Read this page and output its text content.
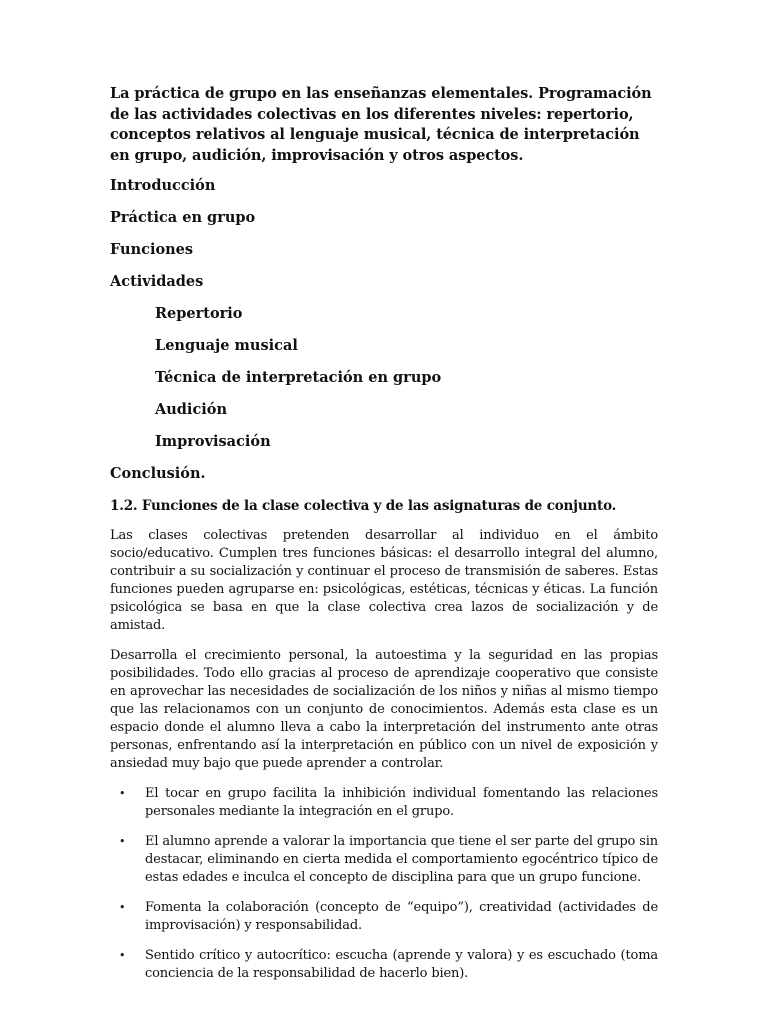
La práctica de grupo en las enseñanzas elementales. Programación de las actividades colectivas en los diferentes niveles: repertorio, conceptos relativos al lenguaje musical, técnica de interpretación en grupo, audición, improvisación y otros aspectos.

Introducción

Práctica en grupo

Funciones

Actividades

Repertorio

Lenguaje musical

Técnica de interpretación en grupo

Audición

Improvisación

Conclusión.

1.2. Funciones de la clase colectiva y de las asignaturas de conjunto.

Las clases colectivas pretenden desarrollar al individuo en el ámbito socio/educativo. Cumplen tres funciones básicas: el desarrollo integral del alumno, contribuir a su socialización y continuar el proceso de transmisión de saberes. Estas funciones pueden agruparse en: psicológicas, estéticas, técnicas y éticas. La función psicológica se basa en que la clase colectiva crea lazos de socialización y de amistad.

Desarrolla el crecimiento personal, la autoestima y la seguridad en las propias posibilidades. Todo ello gracias al proceso de aprendizaje cooperativo que consiste en aprovechar las necesidades de socialización de los niños y niñas al mismo tiempo que las relacionamos con un conjunto de conocimientos. Además esta clase es un espacio donde el alumno lleva a cabo la interpretación del instrumento ante otras personas, enfrentando así la interpretación en público con un nivel de exposición y ansiedad muy bajo que puede aprender a controlar.

• El tocar en grupo facilita la inhibición individual fomentando las relaciones personales mediante la integración en el grupo.
• El alumno aprende a valorar la importancia que tiene el ser parte del grupo sin destacar, eliminando en cierta medida el comportamiento egocéntrico típico de estas edades e inculca el concepto de disciplina para que un grupo funcione.
• Fomenta la colaboración (concepto de “equipo”), creatividad (actividades de improvisación) y responsabilidad.
• Sentido crítico y autocrítico: escucha (aprende y valora) y es escuchado (toma conciencia de la responsabilidad de hacerlo bien).
